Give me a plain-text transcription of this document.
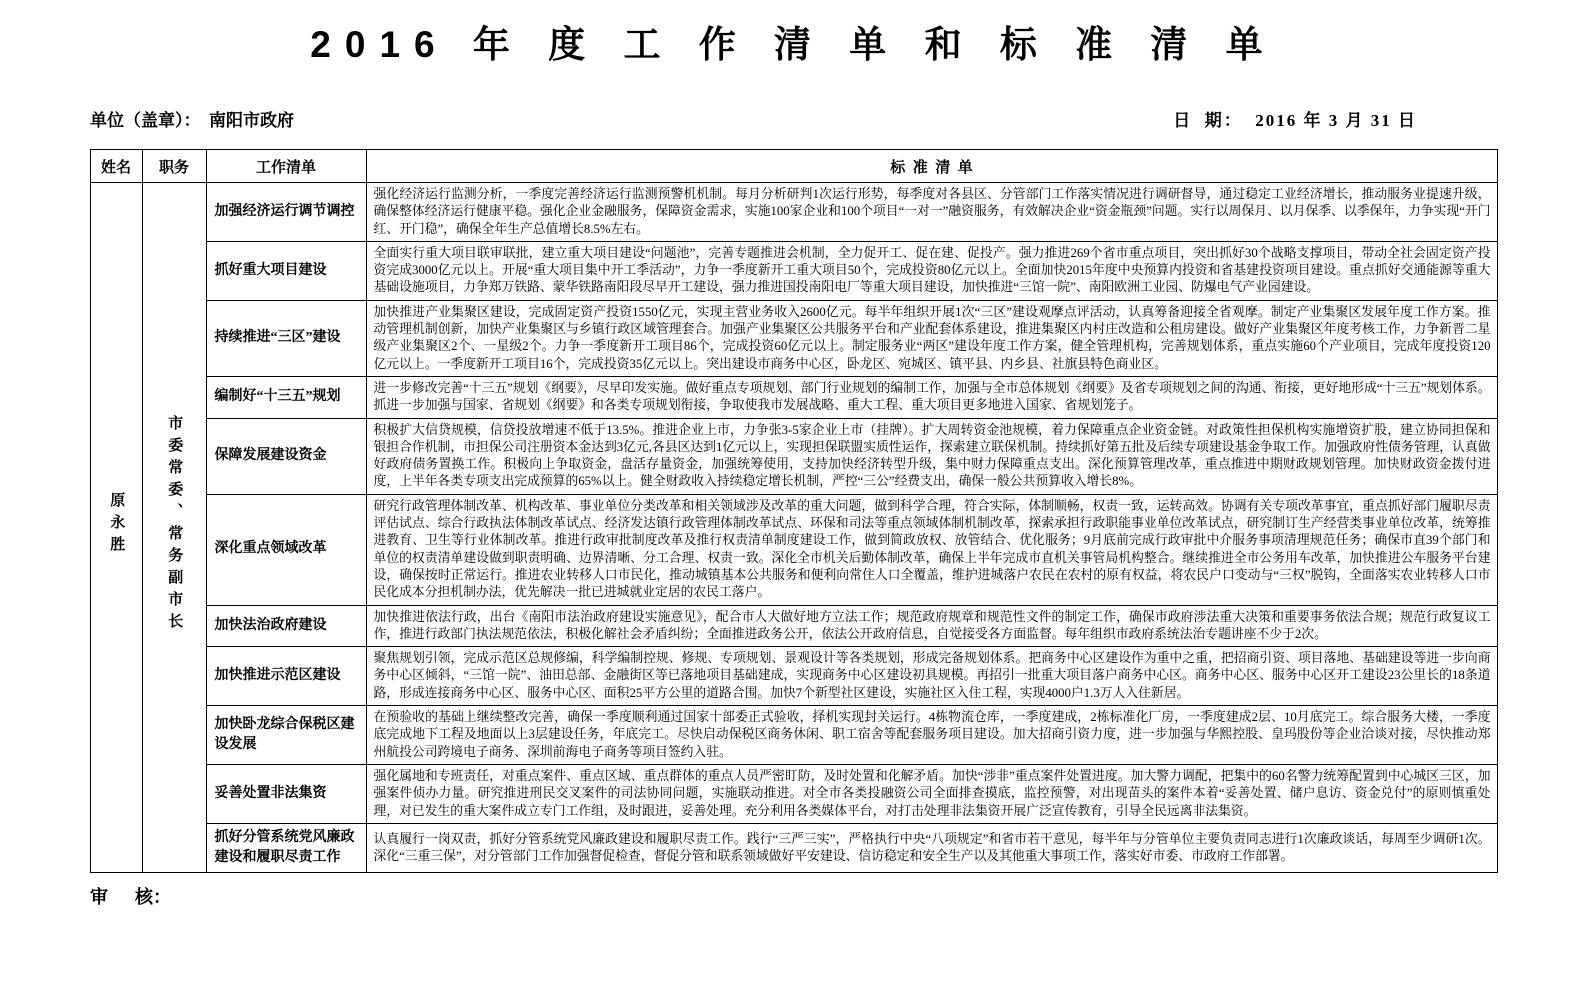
2016 年 度 工 作 清 单 和 标 准 清 单
单位（盖章）： 南阳市政府	日  期： 2016 年 3 月 31 日
姓名	职务	工作清单	标  准  清  单
原永胜	市委常委、常务副市长	加强经济运行调节调控	强化经济运行监测分析，一季度完善经济运行监测预警机机制。每月分析研判1次运行形势，每季度对各县区、分管部门工作落实情况进行调研督导，通过稳定工业经济增长，推动服务业提速升级，确保整体经济运行健康平稳。强化企业金融服务，保障资金需求，实施100家企业和100个项目“一对一”融资服务，有效解决企业“资金瓶颈”问题。实行以周保月、以月保季、以季保年，力争实现“开门红、开门稳”，确保全年生产总值增长8.5%左右。
		抓好重大项目建设	全面实行重大项目联审联批，建立重大项目建设“问题池”，完善专题推进会机制，全力促开工、促在建、促投产。强力推进269个省市重点项目，突出抓好30个战略支撑项目，带动全社会固定资产投资完成3000亿元以上。开展“重大项目集中开工季活动”，力争一季度新开工重大项目50个，完成投资80亿元以上。全面加快2015年度中央预算内投资和省基建投资项目建设。重点抓好交通能源等重大基础设施项目，力争郑万铁路、蒙华铁路南阳段尽早开工建设，强力推进国投南阳电厂等重大项目建设，加快推进“三馆一院”、南阳欧洲工业园、防爆电气产业园建设。
		持续推进“三区”建设	加快推进产业集聚区建设，完成固定资产投资1550亿元，实现主营业务收入2600亿元。每半年组织开展1次“三区”建设观摩点评活动，认真筹备迎接全省观摩。制定产业集聚区发展年度工作方案。推动管理机制创新，加快产业集聚区与乡镇行政区域管理套合。加强产业集聚区公共服务平台和产业配套体系建设，推进集聚区内村庄改造和公租房建设。做好产业集聚区年度考核工作，力争新晋二星级产业集聚区2个、一星级2个。力争一季度新开工项目86个，完成投资60亿元以上。制定服务业“两区”建设年度工作方案，健全管理机构，完善规划体系，重点实施60个产业项目，完成年度投资120亿元以上。一季度新开工项目16个，完成投资35亿元以上。突出建设市商务中心区，卧龙区、宛城区、镇平县、内乡县、社旗县特色商业区。
		编制好“十三五”规划	进一步修改完善“十三五”规划《纲要》，尽早印发实施。做好重点专项规划、部门行业规划的编制工作，加强与全市总体规划《纲要》及省专项规划之间的沟通、衔接，更好地形成“十三五”规划体系。抓进一步加强与国家、省规划《纲要》和各类专项规划衔接，争取使我市发展战略、重大工程、重大项目更多地进入国家、省规划笼子。
		保障发展建设资金	积极扩大信贷规模，信贷投放增速不低于13.5%。推进企业上市，力争张3-5家企业上市（挂牌）。扩大周转资金池规模，着力保障重点企业资金链。对政策性担保机构实施增资扩股，建立协同担保和银担合作机制，市担保公司注册资本金达到3亿元,各县区达到1亿元以上，实现担保联盟实质性运作，探索建立联保机制。持续抓好第五批及后续专项建设基金争取工作。加强政府性债务管理，认真做好政府债务置换工作。积极向上争取资金，盘活存量资金，加强统筹使用，支持加快经济转型升级，集中财力保障重点支出。深化预算管理改革，重点推进中期财政规划管理。加快财政资金拨付进度，上半年各类专项支出完成预算的65%以上。健全财政收入持续稳定增长机制，严控“三公”经费支出，确保一般公共预算收入增长8%。
		深化重点领域改革	研究行政管理体制改革、机构改革、事业单位分类改革和相关领域涉及改革的重大问题，做到科学合理，符合实际，体制顺畅，权责一致，运转高效。协调有关专项改革事宜，重点抓好部门履职尽责评估试点、综合行政执法体制改革试点、经济发达镇行政管理体制改革试点、环保和司法等重点领域体制机制改革，探索承担行政职能事业单位改革试点，研究制订生产经营类事业单位改革，统筹推进教育、卫生等行业体制改革。推进行政审批制度改革及推行权责清单制度建设工作，做到简政放权、放管结合、优化服务；9月底前完成行政审批中介服务事项清理规范任务；确保市直39个部门和单位的权责清单建设做到职责明确、边界清晰、分工合理、权责一致。深化全市机关后勤体制改革，确保上半年完成市直机关事管局机构整合。继续推进全市公务用车改革，加快推进公车服务平台建设，确保按时正常运行。推进农业转移人口市民化，推动城镇基本公共服务和便利向常住人口全覆盖，维护进城落户农民在农村的原有权益，将农民户口变动与“三权”脱钩，全面落实农业转移人口市民化成本分担机制办法，优先解决一批已进城就业定居的农民工落户。
		加快法治政府建设	加快推进依法行政，出台《南阳市法治政府建设实施意见》，配合市人大做好地方立法工作；规范政府规章和规范性文件的制定工作，确保市政府涉法重大决策和重要事务依法合规；规范行政复议工作，推进行政部门执法规范依法，积极化解社会矛盾纠纷；全面推进政务公开，依法公开政府信息，自觉接受各方面监督。每年组织市政府系统法治专题讲座不少于2次。
		加快推进示范区建设	聚焦规划引领，完成示范区总规修编，科学编制控规、修规、专项规划、景观设计等各类规划，形成完备规划体系。把商务中心区建设作为重中之重，把招商引资、项目落地、基础建设等进一步向商务中心区倾斜，“三馆一院”、油田总部、金融街区等已落地项目基础建成，实现商务中心区建设初具规模。再招引一批重大项目落户商务中心区。商务中心区、服务中心区开工建设23公里长的18条道路，形成连接商务中心区、服务中心区、面积25平方公里的道路合围。加快7个新型社区建设，实施社区入住工程，实现4000户1.3万人入住新居。
		加快卧龙综合保税区建设发展	在预验收的基础上继续整改完善，确保一季度顺利通过国家十部委正式验收，择机实现封关运行。4栋物流仓库，一季度建成，2栋标准化厂房，一季度建成2层、10月底完工。综合服务大楼，一季度底完成地下工程及地面以上3层建设任务，年底完工。尽快启动保税区商务休闲、职工宿舍等配套服务项目建设。加大招商引资力度，进一步加强与华熙控股、皇玛股份等企业洽谈对接，尽快推动郑州航投公司跨境电子商务、深圳前海电子商务等项目签约入驻。
		妥善处置非法集资	强化属地和专班责任，对重点案件、重点区域、重点群体的重点人员严密盯防，及时处置和化解矛盾。加快“涉非”重点案件处置进度。加大警力调配，把集中的60名警力统筹配置到中心城区三区，加强案件侦办力量。研究推进刑民交叉案件的司法协同问题，实施联动推进。对全市各类投融资公司全面排查摸底，监控预警，对出现苗头的案件本着“妥善处置、储户息访、资金兑付”的原则慎重处理，对已发生的重大案件成立专门工作组，及时跟进，妥善处理。充分利用各类媒体平台，对打击处理非法集资开展广泛宣传教育，引导全民远离非法集资。
		抓好分管系统党风廉政建设和履职尽责工作	认真履行一岗双责，抓好分管系统党风廉政建设和履职尽责工作。践行“三严三实”，严格执行中央“八项规定”和省市若干意见，每半年与分管单位主要负责同志进行1次廉政谈话，每周至少调研1次。深化“三重三保”，对分管部门工作加强督促检查，督促分管和联系领域做好平安建设、信访稳定和安全生产以及其他重大事项工作，落实好市委、市政府工作部署。
审      核：
